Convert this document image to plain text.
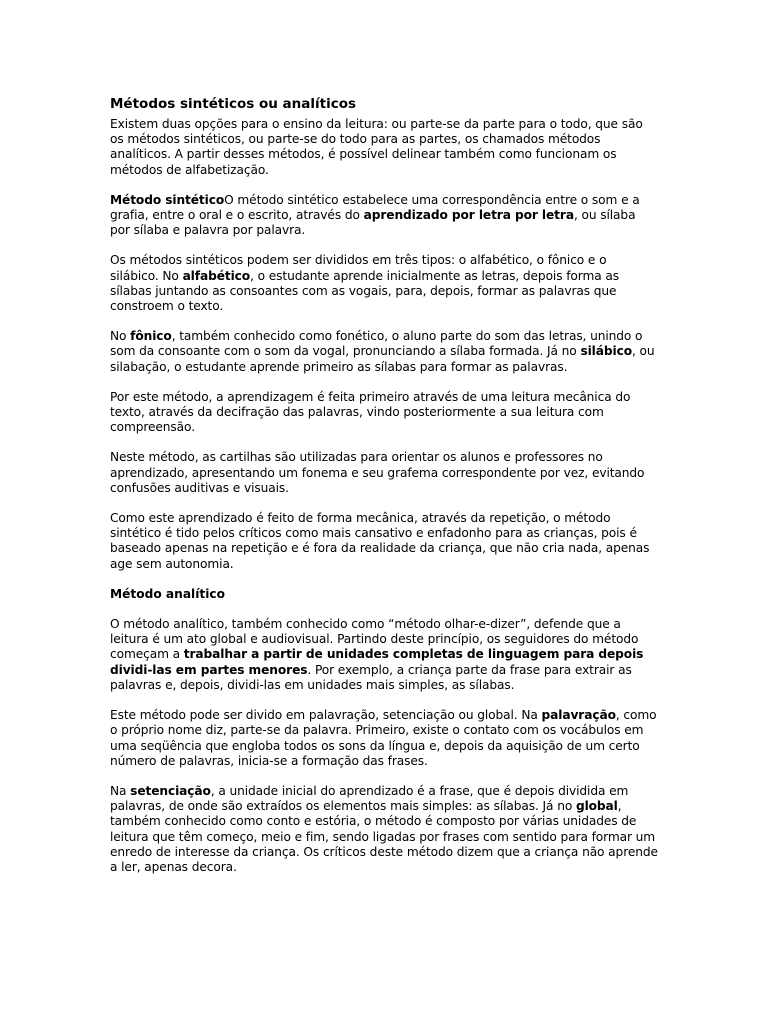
Métodos sintéticos ou analíticos

Existem duas opções para o ensino da leitura: ou parte-se da parte para o todo, que são os métodos sintéticos, ou parte-se do todo para as partes, os chamados métodos analíticos. A partir desses métodos, é possível delinear também como funcionam os métodos de alfabetização.

Método sintéticoO método sintético estabelece uma correspondência entre o som e a grafia, entre o oral e o escrito, através do aprendizado por letra por letra, ou sílaba por sílaba e palavra por palavra.

Os métodos sintéticos podem ser divididos em três tipos: o alfabético, o fônico e o silábico. No alfabético, o estudante aprende inicialmente as letras, depois forma as sílabas juntando as consoantes com as vogais, para, depois, formar as palavras que constroem o texto.

No fônico, também conhecido como fonético, o aluno parte do som das letras, unindo o som da consoante com o som da vogal, pronunciando a sílaba formada. Já no silábico, ou silabação, o estudante aprende primeiro as sílabas para formar as palavras.

Por este método, a aprendizagem é feita primeiro através de uma leitura mecânica do texto, através da decifração das palavras, vindo posteriormente a sua leitura com compreensão.

Neste método, as cartilhas são utilizadas para orientar os alunos e professores no aprendizado, apresentando um fonema e seu grafema correspondente por vez, evitando confusões auditivas e visuais.

Como este aprendizado é feito de forma mecânica, através da repetição, o método sintético é tido pelos críticos como mais cansativo e enfadonho para as crianças, pois é baseado apenas na repetição e é fora da realidade da criança, que não cria nada, apenas age sem autonomia.

Método analítico

O método analítico, também conhecido como “método olhar-e-dizer”, defende que a leitura é um ato global e audiovisual. Partindo deste princípio, os seguidores do método começam a trabalhar a partir de unidades completas de linguagem para depois dividi-las em partes menores. Por exemplo, a criança parte da frase para extrair as palavras e, depois, dividi-las em unidades mais simples, as sílabas.

Este método pode ser divido em palavração, setenciação ou global. Na palavração, como o próprio nome diz, parte-se da palavra. Primeiro, existe o contato com os vocábulos em uma seqüência que engloba todos os sons da língua e, depois da aquisição de um certo número de palavras, inicia-se a formação das frases.

Na setenciação, a unidade inicial do aprendizado é a frase, que é depois dividida em palavras, de onde são extraídos os elementos mais simples: as sílabas. Já no global, também conhecido como conto e estória, o método é composto por várias unidades de leitura que têm começo, meio e fim, sendo ligadas por frases com sentido para formar um enredo de interesse da criança. Os críticos deste método dizem que a criança não aprende a ler, apenas decora.
